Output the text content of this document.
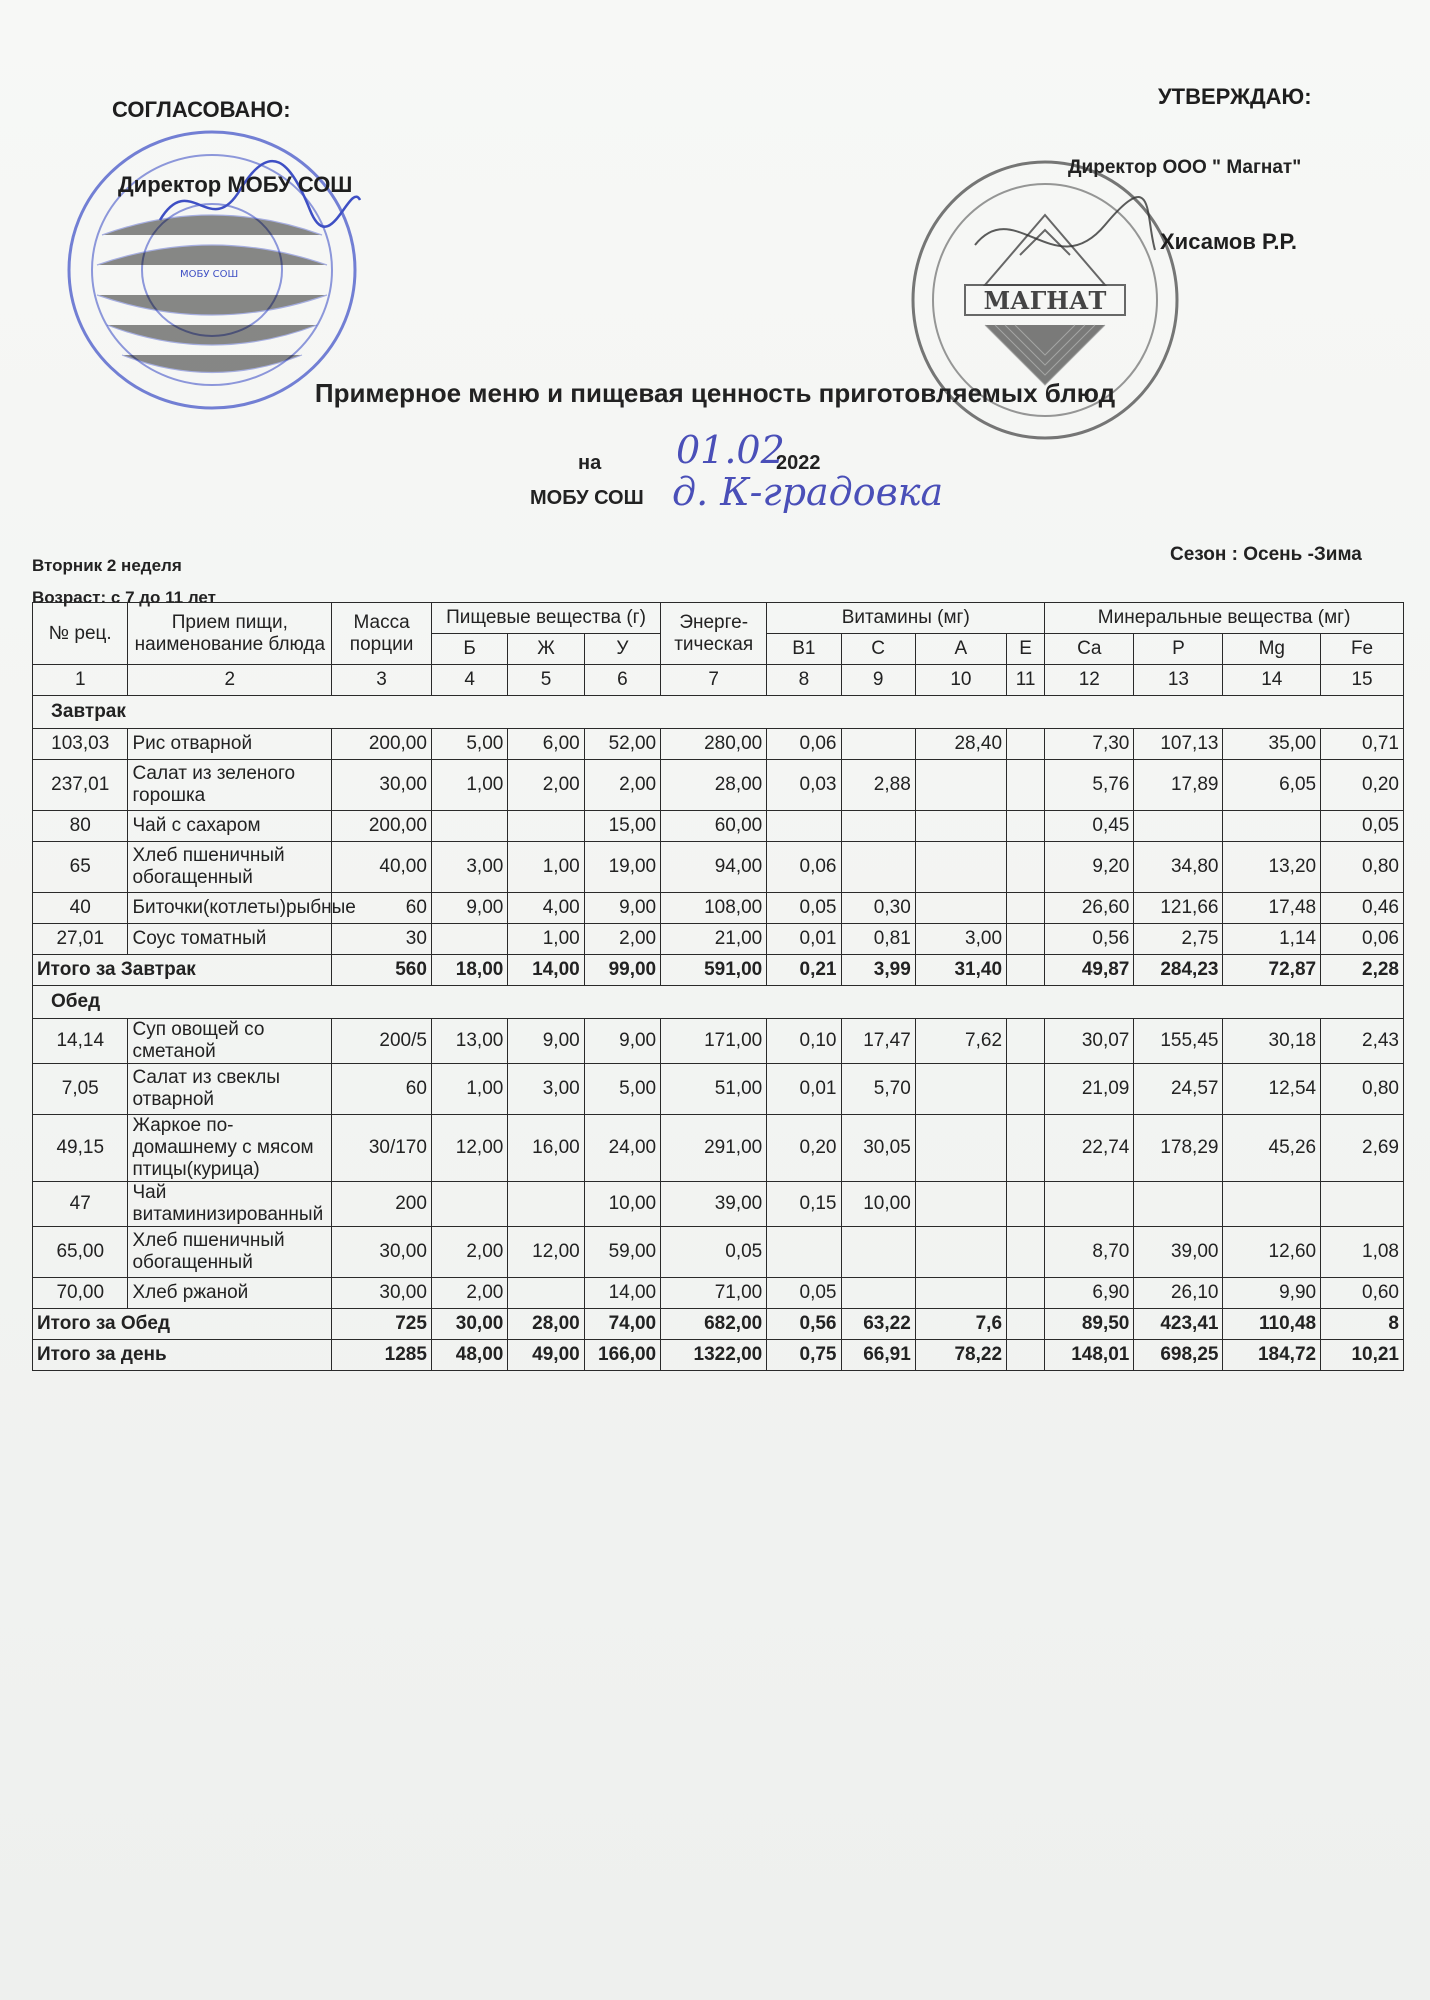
МОБУ СОШ
МАГНАТ
СОГЛАСОВАНО:
Директор МОБУ СОШ
УТВЕРЖДАЮ:
Директор ООО " Магнат"
Хисамов Р.Р.
Примерное меню и пищевая ценность приготовляемых блюд
на 01.02
2022
МОБУ СОШ д. К-градовка
Вторник 2 неделя
Возраст: с 7 до 11 лет
Сезон : Осень -Зима
№ рец.	Прием пищи, наименование блюда	Масса порции	Пищевые вещества (г)			Энерге-тическая	Витамины (мг)				Минеральные вещества (мг)			
			Б	Ж	У		В1	С	А	Е	Ca	P	Mg	Fe
1	2	3	4	5	6	7	8	9	10	11	12	13	14	15
Завтрак														
103,03	Рис отварной	200,00	5,00	6,00	52,00	280,00	0,06		28,40		7,30	107,13	35,00	0,71
237,01	Салат из зеленого горошка	30,00	1,00	2,00	2,00	28,00	0,03	2,88			5,76	17,89	6,05	0,20
80	Чай с сахаром	200,00			15,00	60,00					0,45			0,05
65	Хлеб пшеничный обогащенный	40,00	3,00	1,00	19,00	94,00	0,06				9,20	34,80	13,20	0,80
40	Биточки(котлеты)рыбные	60	9,00	4,00	9,00	108,00	0,05	0,30			26,60	121,66	17,48	0,46
27,01	Соус томатный	30		1,00	2,00	21,00	0,01	0,81	3,00		0,56	2,75	1,14	0,06
Итого за Завтрак		560	18,00	14,00	99,00	591,00	0,21	3,99	31,40		49,87	284,23	72,87	2,28
Обед														
14,14	Суп овощей со сметаной	200/5	13,00	9,00	9,00	171,00	0,10	17,47	7,62		30,07	155,45	30,18	2,43
7,05	Салат из свеклы отварной	60	1,00	3,00	5,00	51,00	0,01	5,70			21,09	24,57	12,54	0,80
49,15	Жаркое по-домашнему с мясом птицы(курица)	30/170	12,00	16,00	24,00	291,00	0,20	30,05			22,74	178,29	45,26	2,69
47	Чай витаминизированный	200			10,00	39,00	0,15	10,00						
65,00	Хлеб пшеничный обогащенный	30,00	2,00	12,00	59,00	0,05					8,70	39,00	12,60	1,08
70,00	Хлеб ржаной	30,00	2,00		14,00	71,00	0,05				6,90	26,10	9,90	0,60
Итого за Обед		725	30,00	28,00	74,00	682,00	0,56	63,22	7,6		89,50	423,41	110,48	8
Итого за день		1285	48,00	49,00	166,00	1322,00	0,75	66,91	78,22		148,01	698,25	184,72	10,21
